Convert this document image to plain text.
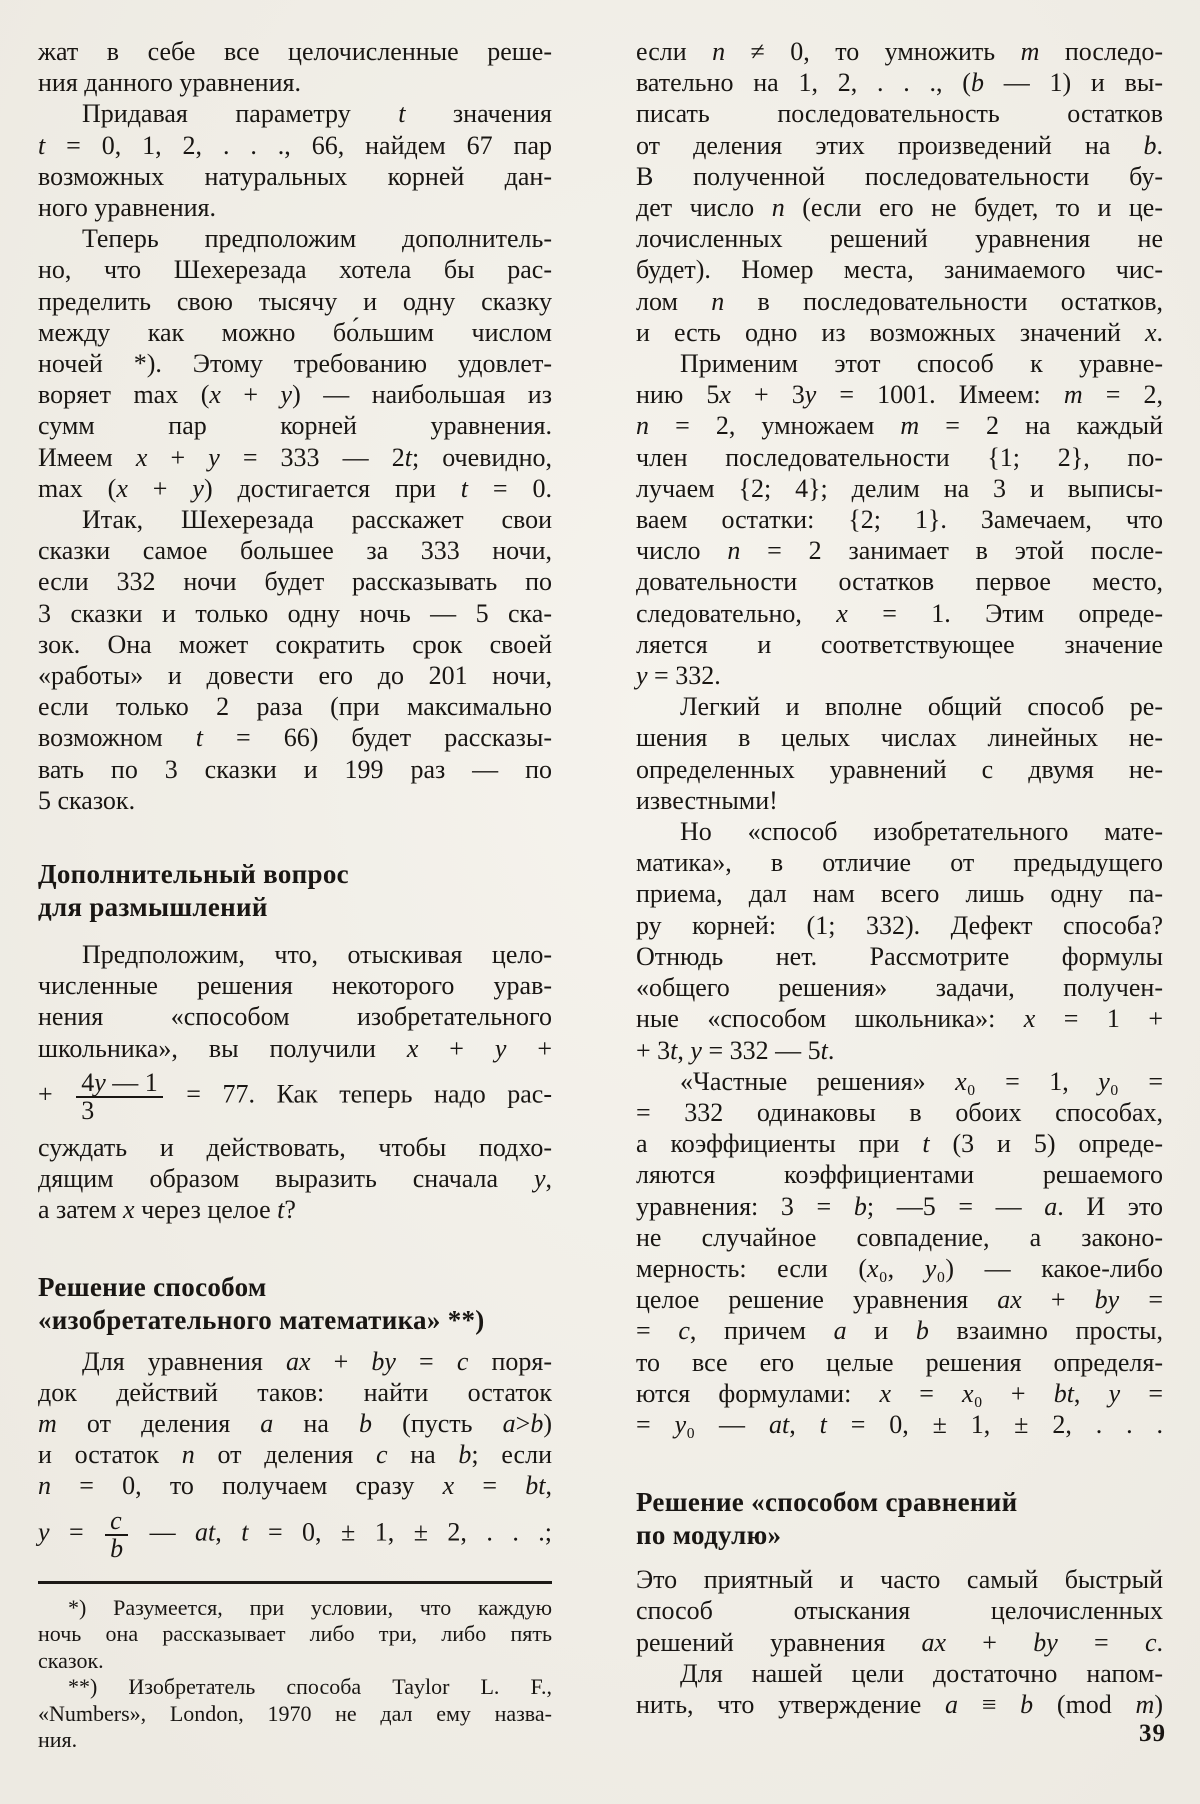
жат в себе все целочисленные реше-
ния данного уравнения.
Придавая параметру t значения
t = 0, 1, 2, . . ., 66, найдем 67 пар
возможных натуральных корней дан-
ного уравнения.
Теперь предположим дополнитель-
но, что Шехерезада хотела бы рас-
пределить свою тысячу и одну сказку
между как можно бо́льшим числом
ночей *). Этому требованию удовлет-
воряет max (x + y) — наибольшая из
сумм пар корней уравнения.
Имеем x + y = 333 — 2t; очевидно,
max (x + y) достигается при t = 0.
Итак, Шехерезада расскажет свои
сказки самое большее за 333 ночи,
если 332 ночи будет рассказывать по
3 сказки и только одну ночь — 5 ска-
зок. Она может сократить срок своей
«работы» и довести его до 201 ночи,
если только 2 раза (при максимально
возможном t = 66) будет рассказы-
вать по 3 сказки и 199 раз — по
5 сказок.
Дополнительный вопрос
для размышлений
Предположим, что, отыскивая цело-
численные решения некоторого урав-
нения «способом изобретательного
школьника», вы получили x + y +
+ $\frac{4y — 1}{3} = 77$. Как теперь надо рас-
суждать и действовать, чтобы подхо-
дящим образом выразить сначала y,
а затем x через целое t?
Решение способом
«изобретательного математика» **)
Для уравнения ax + by = c поря-
док действий таков: найти остаток
m от деления a на b (пусть a>b)
и остаток n от деления c на b; если
n = 0, то получаем сразу x = bt,
$y = \frac{c}{b}$ — at, t = 0, ± 1, ± 2, . . .;
*) Разумеется, при условии, что каждую
ночь она рассказывает либо три, либо пять
сказок.
**) Изобретатель способа Taylor L. F.,
«Numbers», London, 1970 не дал ему назва-
ния.
если n ≠ 0, то умножить m последо-
вательно на 1, 2, . . ., (b — 1) и вы-
писать последовательность остатков
от деления этих произведений на b.
В полученной последовательности бу-
дет число n (если его не будет, то и це-
лочисленных решений уравнения не
будет). Номер места, занимаемого чис-
лом n в последовательности остатков,
и есть одно из возможных значений x.
Применим этот способ к уравне-
нию 5x + 3y = 1001. Имеем: m = 2,
n = 2, умножаем m = 2 на каждый
член последовательности {1; 2}, по-
лучаем {2; 4}; делим на 3 и выписы-
ваем остатки: {2; 1}. Замечаем, что
число n = 2 занимает в этой после-
довательности остатков первое место,
следовательно, x = 1. Этим опреде-
ляется и соответствующее значение
y = 332.
Легкий и вполне общий способ ре-
шения в целых числах линейных не-
определенных уравнений с двумя не-
известными!
Но «способ изобретательного мате-
матика», в отличие от предыдущего
приема, дал нам всего лишь одну па-
ру корней: (1; 332). Дефект способа?
Отнюдь нет. Рассмотрите формулы
«общего решения» задачи, получен-
ные «способом школьника»: x = 1 +
+ 3t, y = 332 — 5t.
«Частные решения» x₀ = 1, y₀ =
= 332 одинаковы в обоих способах,
а коэффициенты при t (3 и 5) опреде-
ляются коэффициентами решаемого
уравнения: 3 = b; —5 = — a. И это
не случайное совпадение, а законо-
мерность: если (x₀, y₀) — какое-либо
целое решение уравнения ax + by =
= c, причем a и b взаимно просты,
то все его целые решения определя-
ются формулами: x = x₀ + bt, y =
= y₀ — at, t = 0, ± 1, ± 2, . . .
Решение «способом сравнений
по модулю»
Это приятный и часто самый быстрый
способ отыскания целочисленных
решений уравнения ax + by = c.
Для нашей цели достаточно напом-
нить, что утверждение a ≡ b (mod m)
39
